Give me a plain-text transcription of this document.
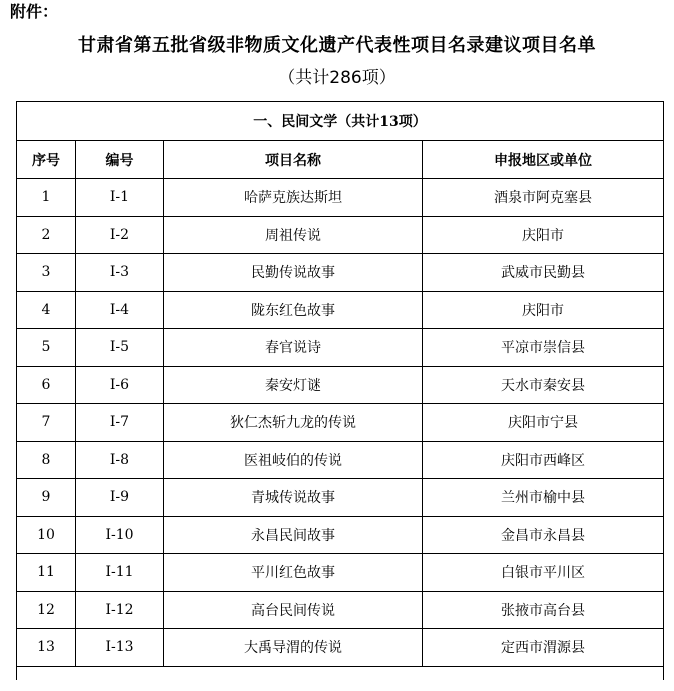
附件：
甘肃省第五批省级非物质文化遗产代表性项目名录建议项目名单
（共计286项）
一、民间文学（共计13项）			
序号	编号	项目名称	申报地区或单位
1	I-1	哈萨克族达斯坦	酒泉市阿克塞县
2	I-2	周祖传说	庆阳市
3	I-3	民勤传说故事	武威市民勤县
4	I-4	陇东红色故事	庆阳市
5	I-5	春官说诗	平凉市崇信县
6	I-6	秦安灯谜	天水市秦安县
7	I-7	狄仁杰斩九龙的传说	庆阳市宁县
8	I-8	医祖岐伯的传说	庆阳市西峰区
9	I-9	青城传说故事	兰州市榆中县
10	I-10	永昌民间故事	金昌市永昌县
11	I-11	平川红色故事	白银市平川区
12	I-12	高台民间传说	张掖市高台县
13	I-13	大禹导渭的传说	定西市渭源县
